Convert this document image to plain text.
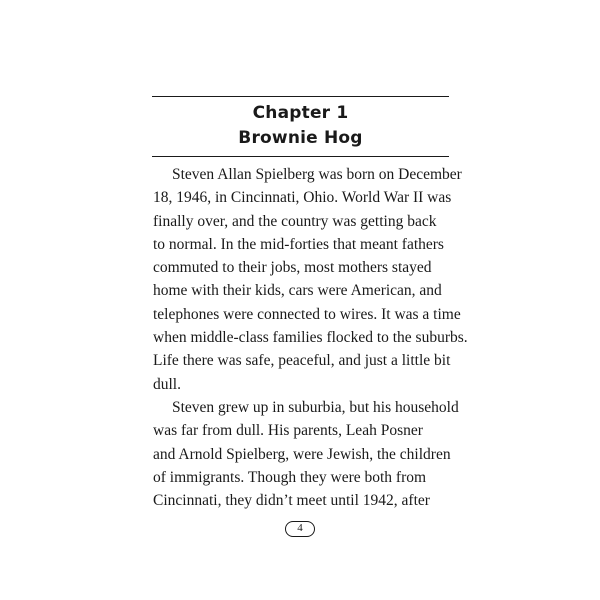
Chapter 1
Brownie Hog
Steven Allan Spielberg was born on December
18, 1946, in Cincinnati, Ohio. World War II was
finally over, and the country was getting back
to normal. In the mid-forties that meant fathers
commuted to their jobs, most mothers stayed
home with their kids, cars were American, and
telephones were connected to wires. It was a time
when middle-class families flocked to the suburbs.
Life there was safe, peaceful, and just a little bit
dull.
Steven grew up in suburbia, but his household
was far from dull. His parents, Leah Posner
and Arnold Spielberg, were Jewish, the children
of immigrants. Though they were both from
Cincinnati, they didn’t meet until 1942, after
4
